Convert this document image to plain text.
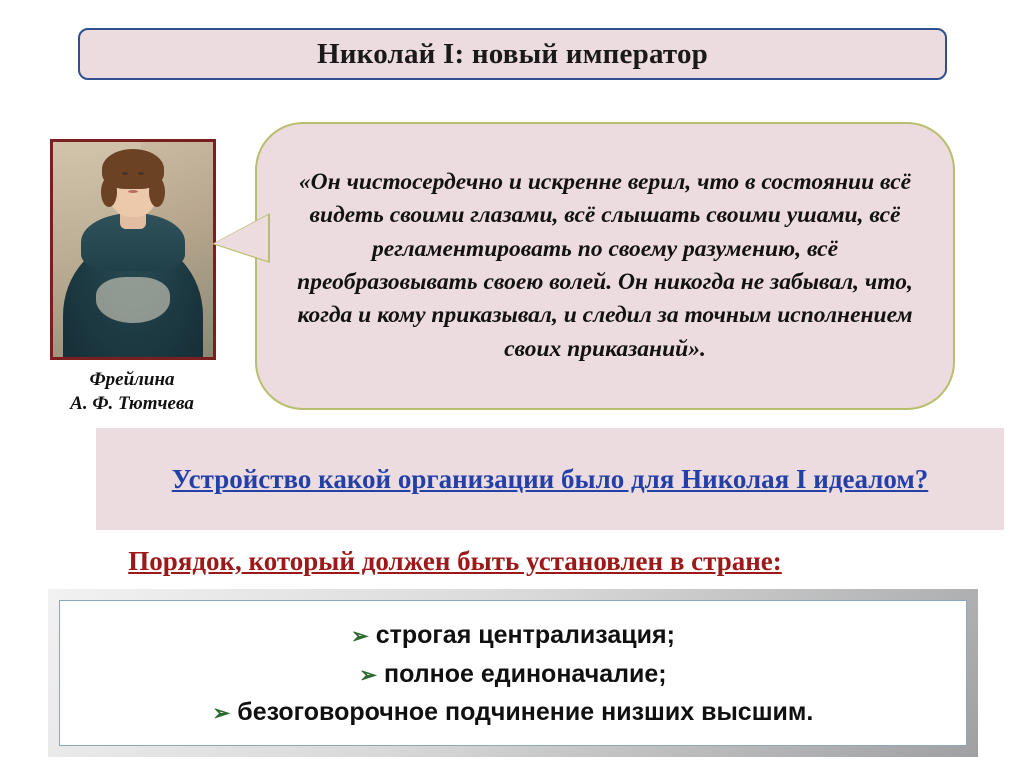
Николай I: новый император
Фрейлина
А. Ф. Тютчева
«Он чистосердечно и искренне верил, что в состоянии всё видеть своими глазами, всё слышать своими ушами, всё регламентировать по своему разумению, всё преобразовывать своею волей. Он никогда не забывал, что, когда и кому приказывал, и следил за точным исполнением своих приказаний».
Устройство какой организации было для Николая I идеалом?
Порядок, который должен быть установлен в стране:
➢ строгая централизация;
➢ полное единоначалие;
➢ безоговорочное подчинение низших высшим.
